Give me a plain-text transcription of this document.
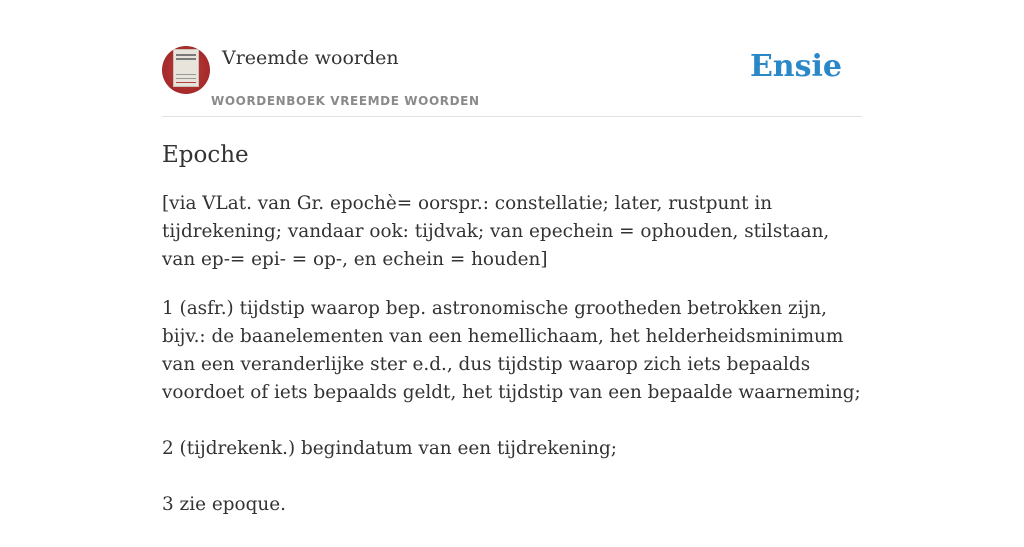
Vreemde woorden
WOORDENBOEK VREEMDE WOORDEN
Ensie
Epoche

[via VLat. van Gr. epochè= oorspr.: constellatie; later, rustpunt in tijdrekening; vandaar ook: tijdvak; van epechein = ophouden, stilstaan, van ep-= epi- = op-, en echein = houden]

1 (asfr.) tijdstip waarop bep. astronomische grootheden betrokken zijn, bijv.: de baanelementen van een hemellichaam, het helderheidsminimum van een veranderlijke ster e.d., dus tijdstip waarop zich iets bepaalds voordoet of iets bepaalds geldt, het tijdstip van een bepaalde waarneming;
2 (tijdrekenk.) begindatum van een tijdrekening;
3 zie epoque.
